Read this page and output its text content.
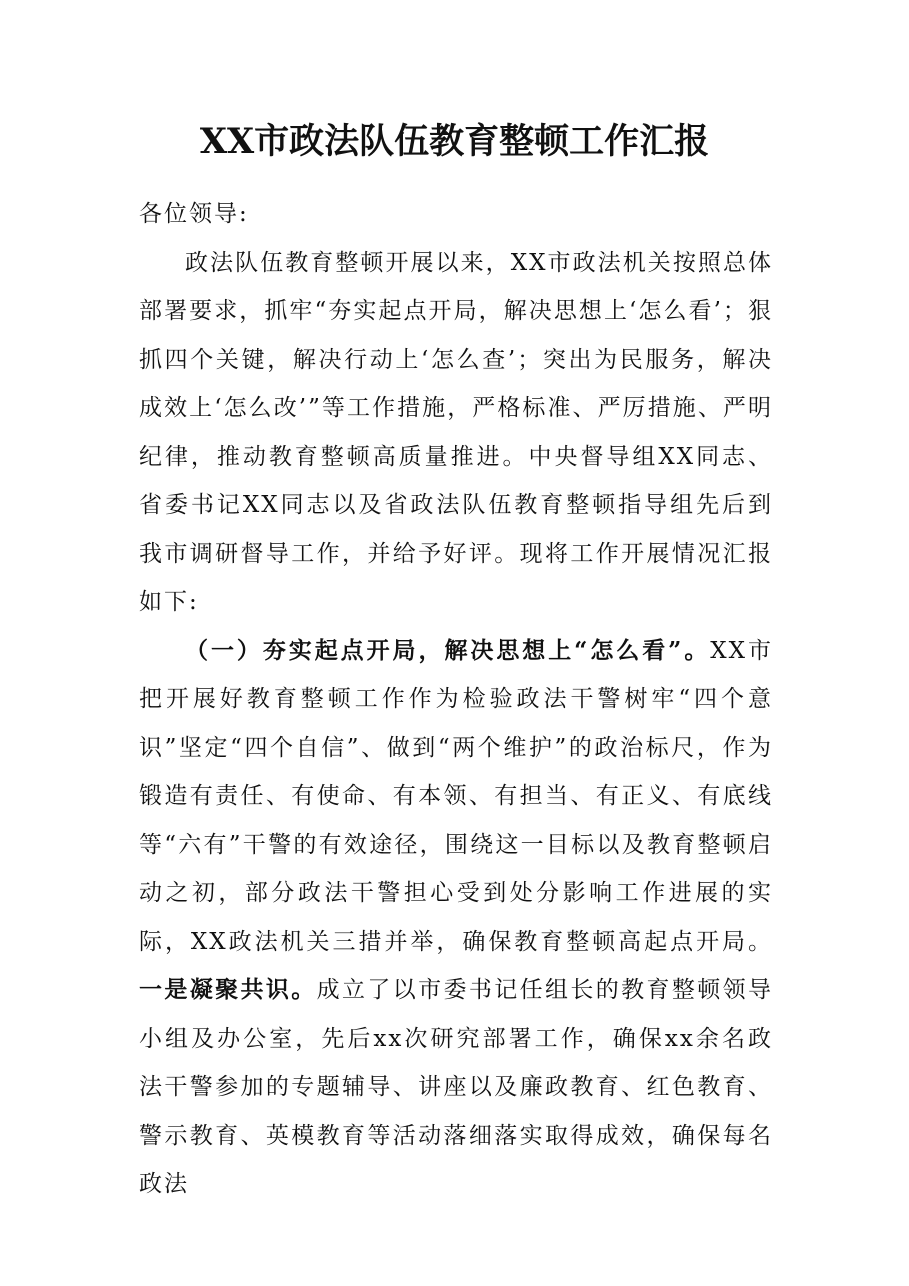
XX市政法队伍教育整顿工作汇报

各位领导:

政法队伍教育整顿开展以来，XX市政法机关按照总体部署要求，抓牢“夯实起点开局，解决思想上‘怎么看’；狠抓四个关键，解决行动上‘怎么查’；突出为民服务，解决成效上‘怎么改’”等工作措施，严格标准、严厉措施、严明纪律，推动教育整顿高质量推进。中央督导组XX同志、省委书记XX同志以及省政法队伍教育整顿指导组先后到我市调研督导工作，并给予好评。现将工作开展情况汇报如下:

（一）夯实起点开局，解决思想上“怎么看”。XX市把开展好教育整顿工作作为检验政法干警树牢“四个意识”坚定“四个自信”、做到“两个维护”的政治标尺，作为锻造有责任、有使命、有本领、有担当、有正义、有底线等“六有”干警的有效途径，围绕这一目标以及教育整顿启动之初，部分政法干警担心受到处分影响工作进展的实际，XX政法机关三措并举，确保教育整顿高起点开局。一是凝聚共识。成立了以市委书记任组长的教育整顿领导小组及办公室，先后xx次研究部署工作，确保xx余名政法干警参加的专题辅导、讲座以及廉政教育、红色教育、警示教育、英模教育等活动落细落实取得成效，确保每名政法
